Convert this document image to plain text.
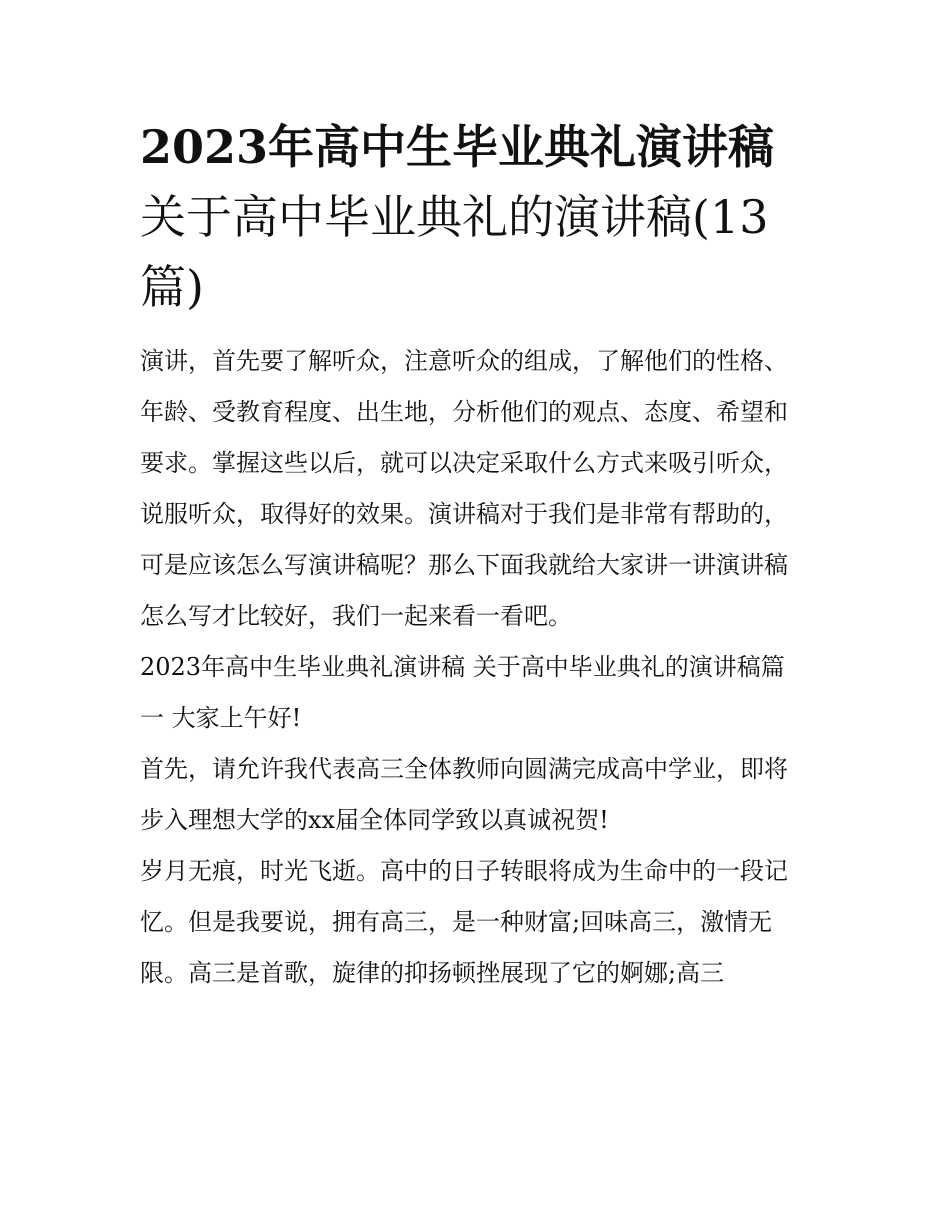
2023年高中生毕业典礼演讲稿
关于高中毕业典礼的演讲稿(13
篇)

演讲，首先要了解听众，注意听众的组成，了解他们的性格、
年龄、受教育程度、出生地，分析他们的观点、态度、希望和
要求。掌握这些以后，就可以决定采取什么方式来吸引听众，
说服听众，取得好的效果。演讲稿对于我们是非常有帮助的，
可是应该怎么写演讲稿呢？那么下面我就给大家讲一讲演讲稿
怎么写才比较好，我们一起来看一看吧。

2023年高中生毕业典礼演讲稿 关于高中毕业典礼的演讲稿篇
一 大家上午好!

首先，请允许我代表高三全体教师向圆满完成高中学业，即将
步入理想大学的xx届全体同学致以真诚祝贺!

岁月无痕，时光飞逝。高中的日子转眼将成为生命中的一段记
忆。但是我要说，拥有高三，是一种财富;回味高三，激情无
限。高三是首歌，旋律的抑扬顿挫展现了它的婀娜;高三
